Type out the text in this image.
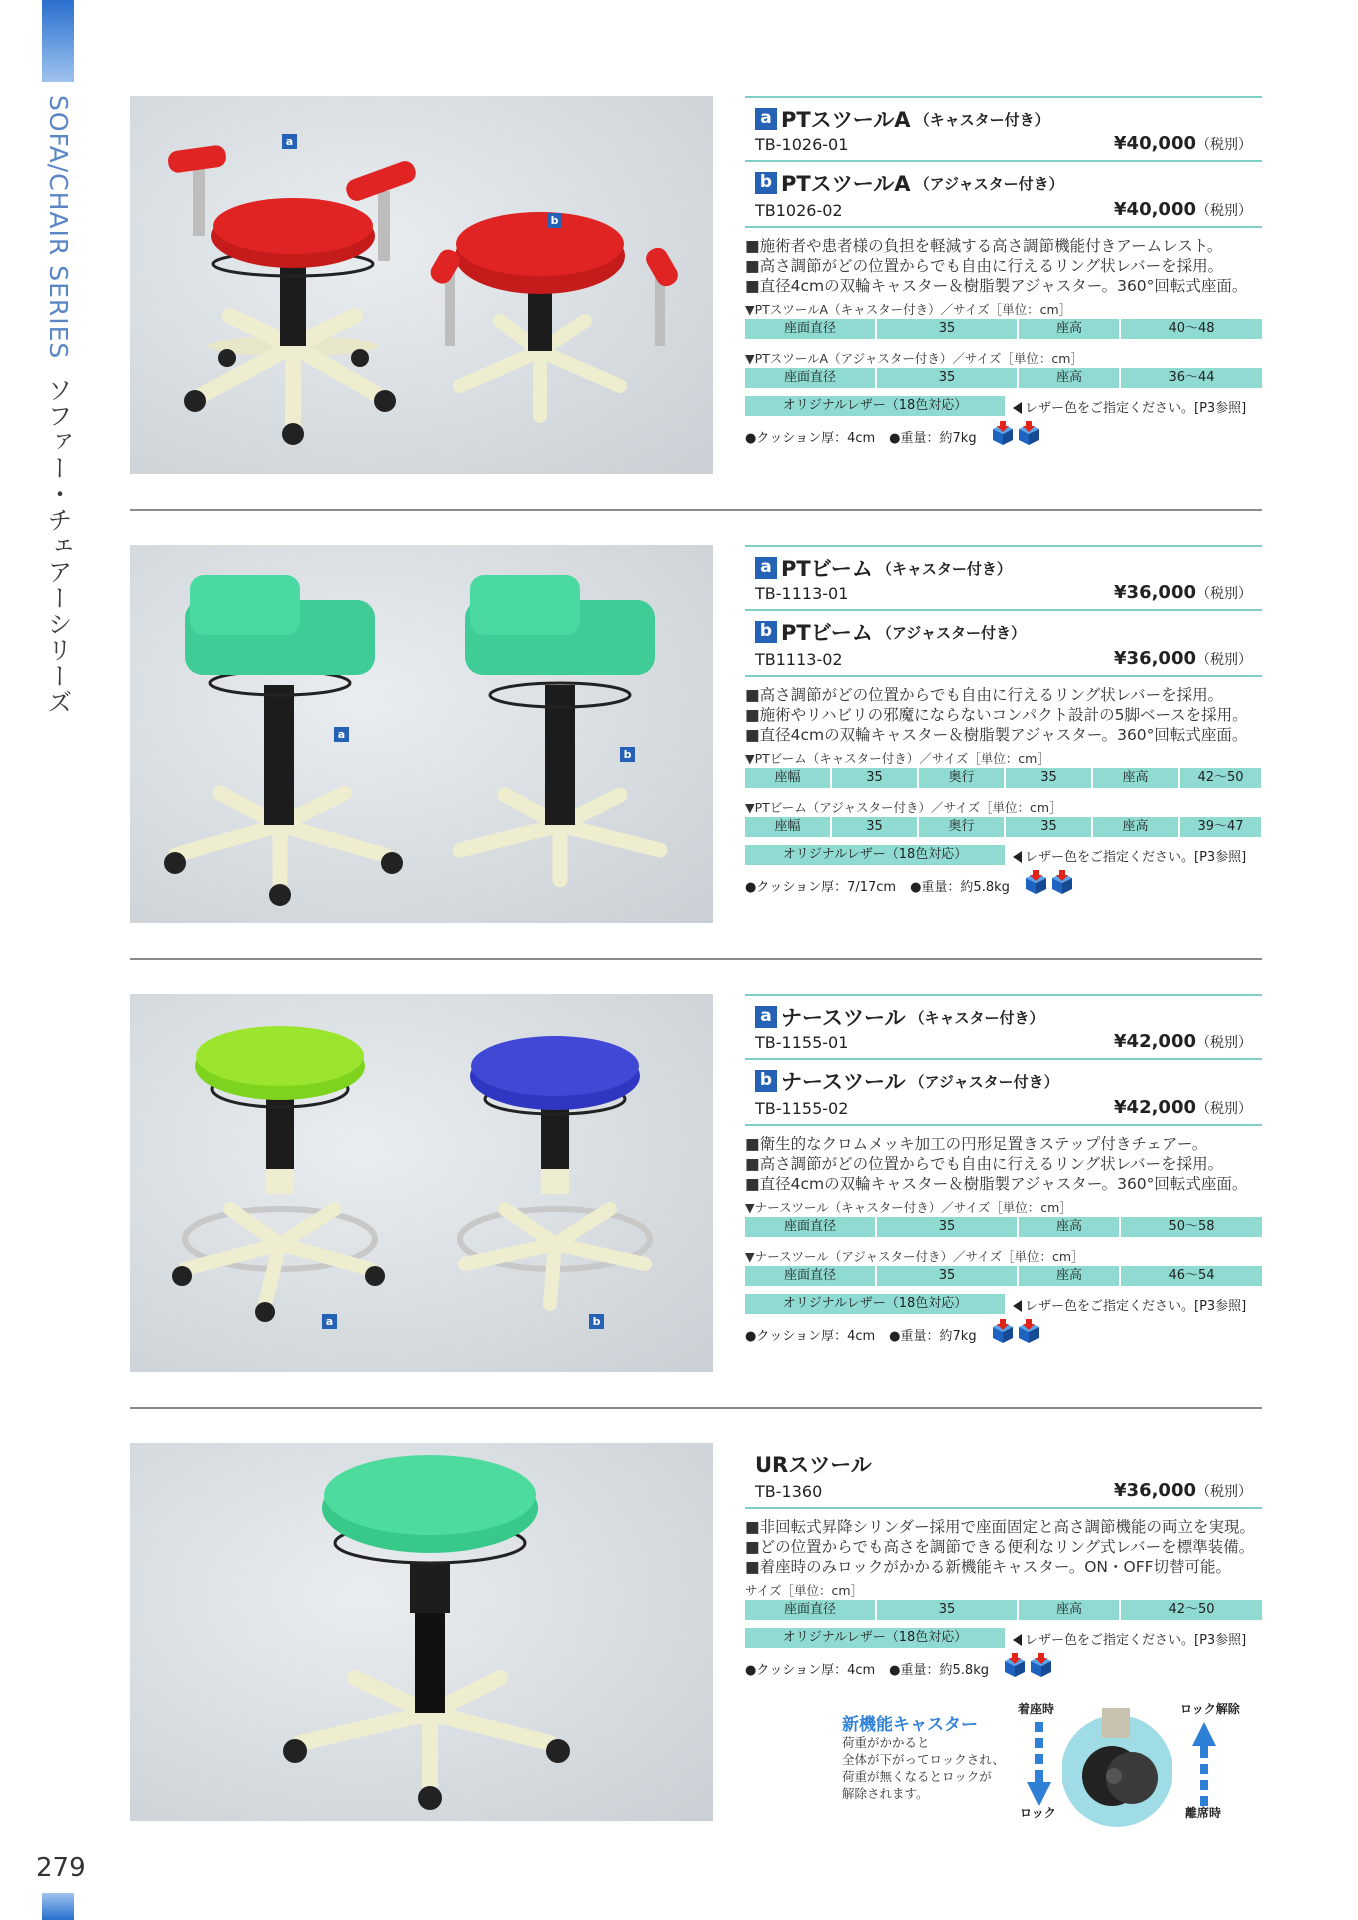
SOFA/CHAIR SERIES  ソファー・チェアーシリーズ
279
a
b
a PTスツールA （キャスター付き）
TB-1026-01	¥40,000（税別）
b PTスツールA （アジャスター付き）
TB1026-02	¥40,000（税別）
■施術者や患者様の負担を軽減する高さ調節機能付きアームレスト。
■高さ調節がどの位置からでも自由に行えるリング状レバーを採用。
■直径4cmの双輪キャスター＆樹脂製アジャスター。360°回転式座面。
▼PTスツールA（キャスター付き）／サイズ［単位：cm］
座面直径	35	座高	40〜48
▼PTスツールA（アジャスター付き）／サイズ［単位：cm］
座面直径	35	座高	36〜44
オリジナルレザー（18色対応）	レザー色をご指定ください。[P3参照]
●クッション厚：4cm ●重量：約7kg
a
b
a PTビーム （キャスター付き）
TB-1113-01	¥36,000（税別）
b PTビーム （アジャスター付き）
TB1113-02	¥36,000（税別）
■高さ調節がどの位置からでも自由に行えるリング状レバーを採用。
■施術やリハビリの邪魔にならないコンパクト設計の5脚ベースを採用。
■直径4cmの双輪キャスター＆樹脂製アジャスター。360°回転式座面。
▼PTビーム（キャスター付き）／サイズ［単位：cm］
座幅	35	奥行	35	座高	42〜50
▼PTビーム（アジャスター付き）／サイズ［単位：cm］
座幅	35	奥行	35	座高	39〜47
オリジナルレザー（18色対応）	レザー色をご指定ください。[P3参照]
●クッション厚：7/17cm ●重量：約5.8kg
a	b
a ナースツール （キャスター付き）
TB-1155-01	¥42,000（税別）
b ナースツール （アジャスター付き）
TB-1155-02	¥42,000（税別）
■衛生的なクロムメッキ加工の円形足置きステップ付きチェアー。
■高さ調節がどの位置からでも自由に行えるリング状レバーを採用。
■直径4cmの双輪キャスター＆樹脂製アジャスター。360°回転式座面。
▼ナースツール（キャスター付き）／サイズ［単位：cm］
座面直径	35	座高	50〜58
▼ナースツール（アジャスター付き）／サイズ［単位：cm］
座面直径	35	座高	46〜54
オリジナルレザー（18色対応）	レザー色をご指定ください。[P3参照]
●クッション厚：4cm ●重量：約7kg
URスツール
TB-1360	¥36,000（税別）
■非回転式昇降シリンダー採用で座面固定と高さ調節機能の両立を実現。
■どの位置からでも高さを調節できる便利なリング式レバーを標準装備。
■着座時のみロックがかかる新機能キャスター。ON・OFF切替可能。
サイズ［単位：cm］
座面直径	35	座高	42〜50
オリジナルレザー（18色対応）	レザー色をご指定ください。[P3参照]
●クッション厚：4cm ●重量：約5.8kg
新機能キャスター
荷重がかかると
全体が下がってロックされ、
荷重が無くなるとロックが
解除されます。
着座時
ロック
ロック解除
離席時
